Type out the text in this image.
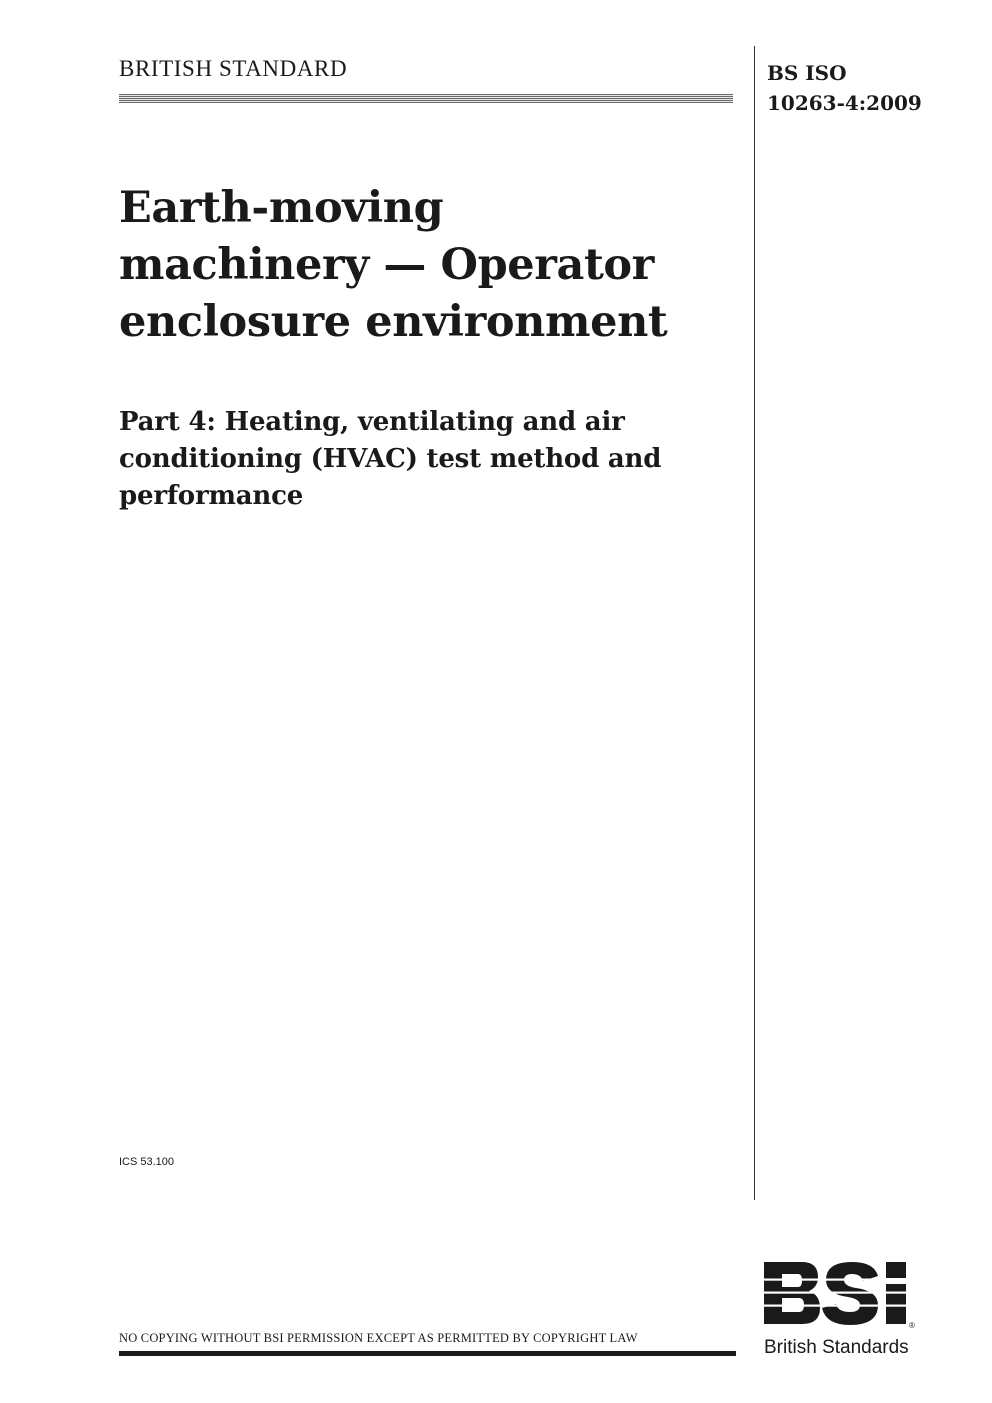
BRITISH STANDARD	BS ISO
10263-4:2009
Earth-moving
machinery — Operator
enclosure environment
Part 4: Heating, ventilating and air
conditioning (HVAC) test method and
performance
ICS 53.100
NO COPYING WITHOUT BSI PERMISSION EXCEPT AS PERMITTED BY COPYRIGHT LAW
®
British Standards
